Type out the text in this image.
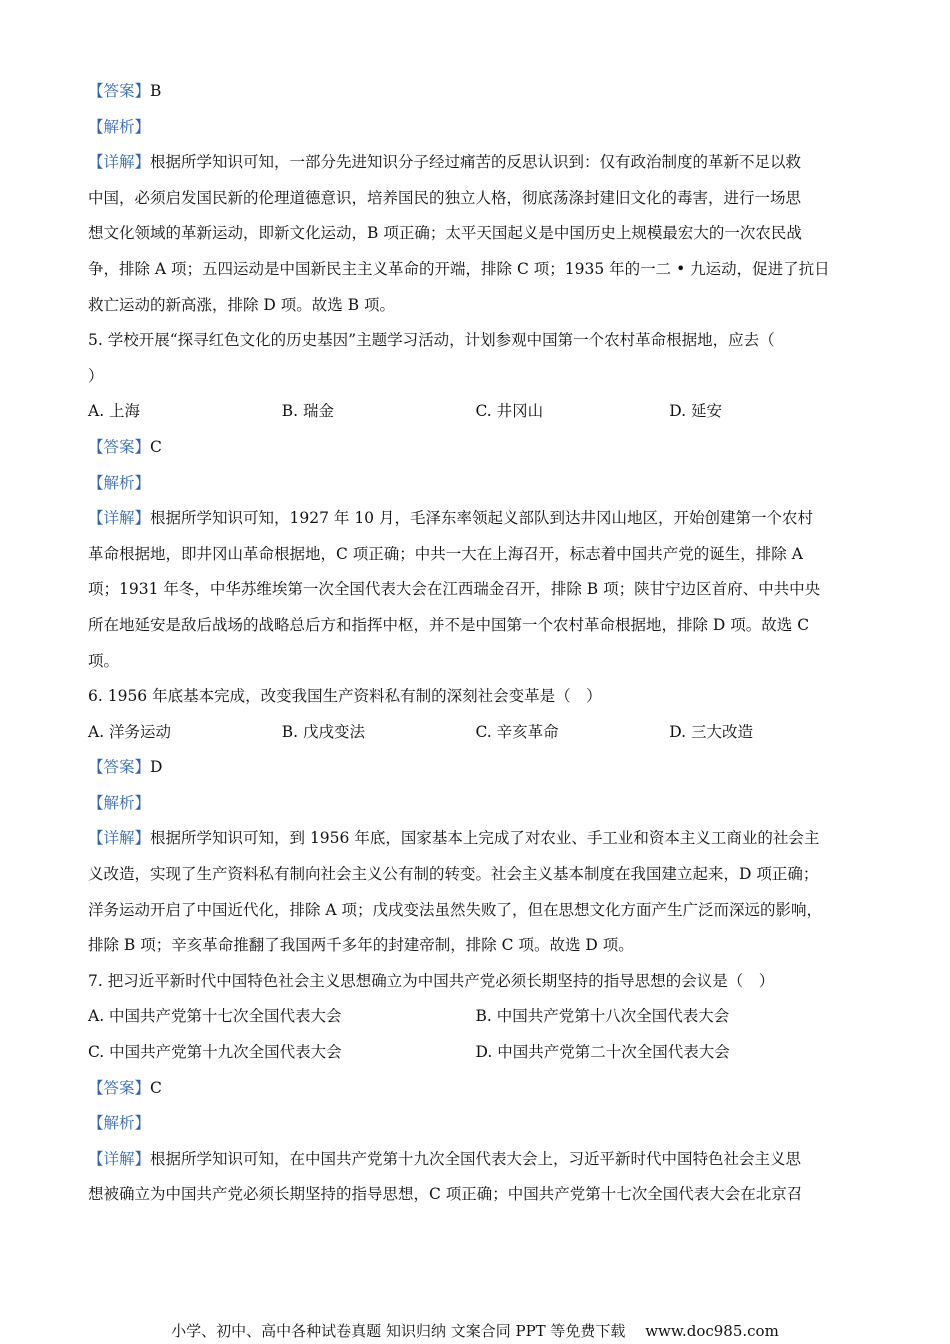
【答案】B
【解析】
【详解】根据所学知识可知，一部分先进知识分子经过痛苦的反思认识到：仅有政治制度的革新不足以救
中国，必须启发国民新的伦理道德意识，培养国民的独立人格，彻底荡涤封建旧文化的毒害，进行一场思
想文化领域的革新运动，即新文化运动，B 项正确；太平天国起义是中国历史上规模最宏大的一次农民战
争，排除 A 项；五四运动是中国新民主主义革命的开端，排除 C 项；1935 年的一二 • 九运动，促进了抗日
救亡运动的新高涨，排除 D 项。故选 B 项。
5. 学校开展“探寻红色文化的历史基因”主题学习活动，计划参观中国第一个农村革命根据地，应去（
）
A. 上海	B. 瑞金	C. 井冈山	D. 延安
【答案】C
【解析】
【详解】根据所学知识可知，1927 年 10 月，毛泽东率领起义部队到达井冈山地区，开始创建第一个农村
革命根据地，即井冈山革命根据地，C 项正确；中共一大在上海召开，标志着中国共产党的诞生，排除 A
项；1931 年冬，中华苏维埃第一次全国代表大会在江西瑞金召开，排除 B 项；陕甘宁边区首府、中共中央
所在地延安是敌后战场的战略总后方和指挥中枢，并不是中国第一个农村革命根据地，排除 D 项。故选 C
项。
6. 1956 年底基本完成，改变我国生产资料私有制的深刻社会变革是（　）
A. 洋务运动	B. 戊戌变法	C. 辛亥革命	D. 三大改造
【答案】D
【解析】
【详解】根据所学知识可知，到 1956 年底，国家基本上完成了对农业、手工业和资本主义工商业的社会主
义改造，实现了生产资料私有制向社会主义公有制的转变。社会主义基本制度在我国建立起来，D 项正确；
洋务运动开启了中国近代化，排除 A 项；戊戌变法虽然失败了，但在思想文化方面产生广泛而深远的影响，
排除 B 项；辛亥革命推翻了我国两千多年的封建帝制，排除 C 项。故选 D 项。
7. 把习近平新时代中国特色社会主义思想确立为中国共产党必须长期坚持的指导思想的会议是（　）
A. 中国共产党第十七次全国代表大会	B. 中国共产党第十八次全国代表大会
C. 中国共产党第十九次全国代表大会	D. 中国共产党第二十次全国代表大会
【答案】C
【解析】
【详解】根据所学知识可知，在中国共产党第十九次全国代表大会上，习近平新时代中国特色社会主义思
想被确立为中国共产党必须长期坚持的指导思想，C 项正确；中国共产党第十七次全国代表大会在北京召
小学、初中、高中各种试卷真题 知识归纳 文案合同 PPT 等免费下载　 www.doc985.com
